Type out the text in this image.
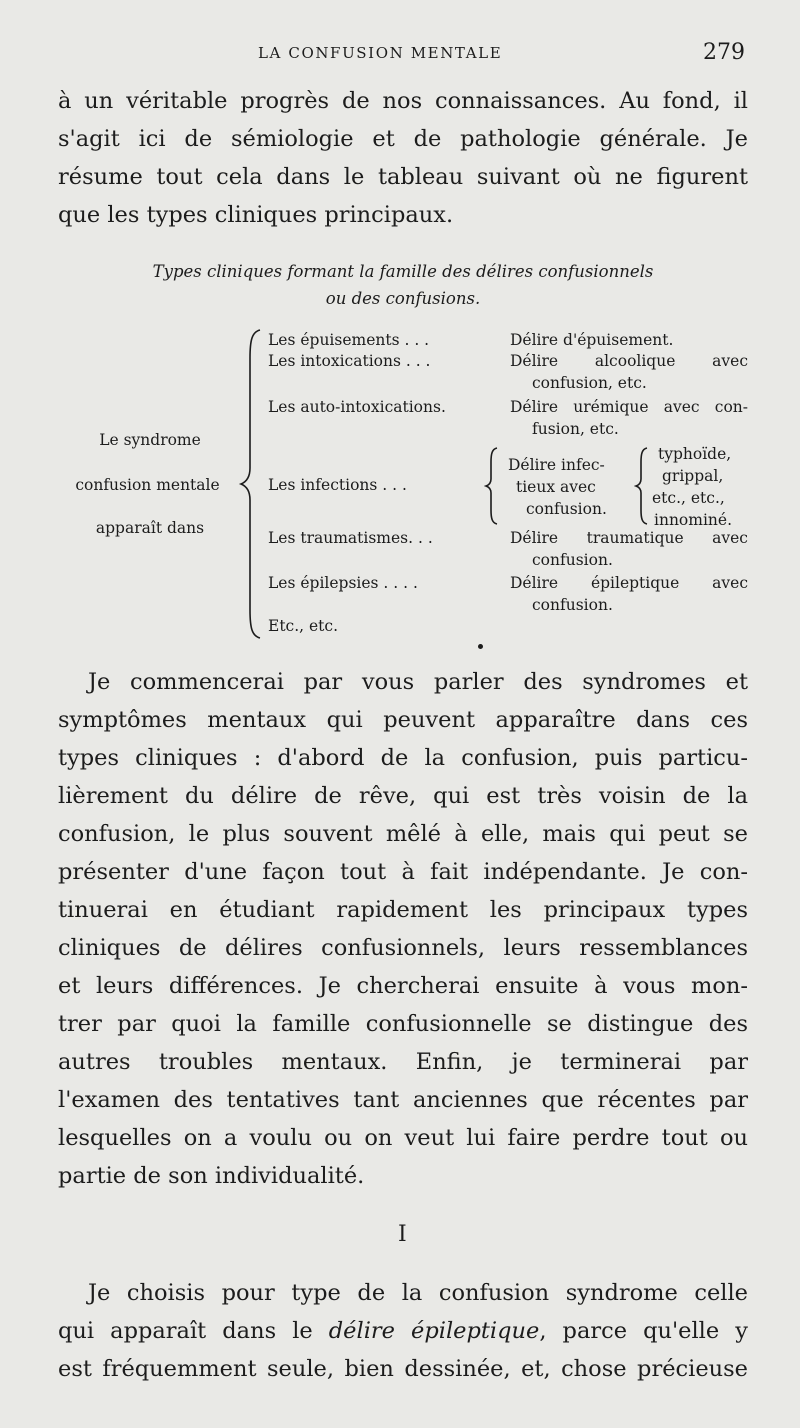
LA CONFUSION MENTALE	279
à un véritable progrès de nos connaissances. Au fond, il
s'agit ici de sémiologie et de pathologie générale. Je
résume tout cela dans le tableau suivant où ne figurent
que les types cliniques principaux.
Types cliniques formant la famille des délires confusionnels
ou des confusions.
Le syndrome
confusion mentale
apparaît dans
Les épuisements . . .
Les intoxications . . .
Les auto-intoxications.
Les infections . . .
Les traumatismes. . .
Les épilepsies . . . .
Etc., etc.
Délire d'épuisement.
Délire alcoolique avec
confusion, etc.
Délire urémique avec con-
fusion, etc.
Délire infec-
tieux avec
confusion.
typhoïde,
grippal,
etc., etc.,
innominé.
Délire traumatique avec
confusion.
Délire épileptique avec
confusion.
Je commencerai par vous parler des syndromes et
symptômes mentaux qui peuvent apparaître dans ces
types cliniques : d'abord de la confusion, puis particu-
lièrement du délire de rêve, qui est très voisin de la
confusion, le plus souvent mêlé à elle, mais qui peut se
présenter d'une façon tout à fait indépendante. Je con-
tinuerai en étudiant rapidement les principaux types
cliniques de délires confusionnels, leurs ressemblances
et leurs différences. Je chercherai ensuite à vous mon-
trer par quoi la famille confusionnelle se distingue des
autres troubles mentaux. Enfin, je terminerai par
l'examen des tentatives tant anciennes que récentes par
lesquelles on a voulu ou on veut lui faire perdre tout ou
partie de son individualité.
I
Je choisis pour type de la confusion syndrome celle
qui apparaît dans le délire épileptique, parce qu'elle y
est fréquemment seule, bien dessinée, et, chose précieuse
